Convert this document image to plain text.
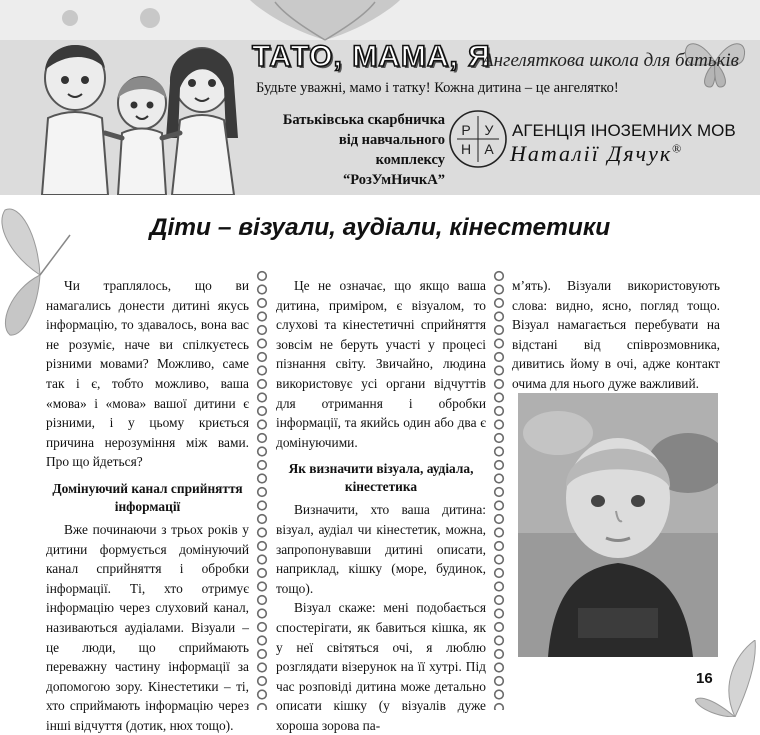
ТАТО, МАМА, Я
Ангеляткова школа для батьків
Будьте уважні, мамо і татку! Кожна дитина – це ангелятко!
Батьківська скарбничка
від навчального
комплексу
“РозУмНичкА”
Р У
Н А
АГЕНЦІЯ ІНОЗЕМНИХ МОВ
Наталії Дячук®
Діти – візуали, аудіали, кінестетики

Чи траплялось, що ви намагались донести дитині якусь інформацію, то здавалось, вона вас не розуміє, наче ви спілкуєтесь різними мовами? Можливо, саме так і є, тобто можливо, ваша «мова» і «мова» вашої дитини є різними, і у цьому криється причина нерозуміння між вами. Про що йдеться?

Домінуючий канал сприйняття інформації

Вже починаючи з трьох років у дитини формується домінуючий канал сприйняття і обробки інформації. Ті, хто отримує інформацію через слуховий канал, називаються аудіалами. Візуали – це люди, що сприймають переважну частину інформації за допомогою зору. Кінестетики – ті, хто сприймають інформацію через інші відчуття (дотик, нюх тощо).

Це не означає, що якщо ваша дитина, приміром, є візуалом, то слухові та кінестетичні сприйняття зовсім не беруть участі у процесі пізнання світу. Звичайно, людина використовує усі органи відчуттів для отримання і обробки інформації, та якийсь один або два є домінуючими.

Як визначити візуала, аудіала, кінестетика

Визначити, хто ваша дитина: візуал, аудіал чи кінестетик, можна, запропонувавши дитині описати, наприклад, кішку (море, будинок, тощо).

Візуал скаже: мені подобається спостерігати, як бавиться кішка, як у неї світяться очі, я люблю розглядати візерунок на її хутрі. Під час розповіді дитина може детально описати кішку (у візуалів дуже хороша зорова па-

м’ять). Візуали використовують слова: видно, ясно, погляд тощо. Візуал намагається перебувати на відстані від співрозмовника, дивитись йому в очі, адже контакт очима для нього дуже важливий.

16
